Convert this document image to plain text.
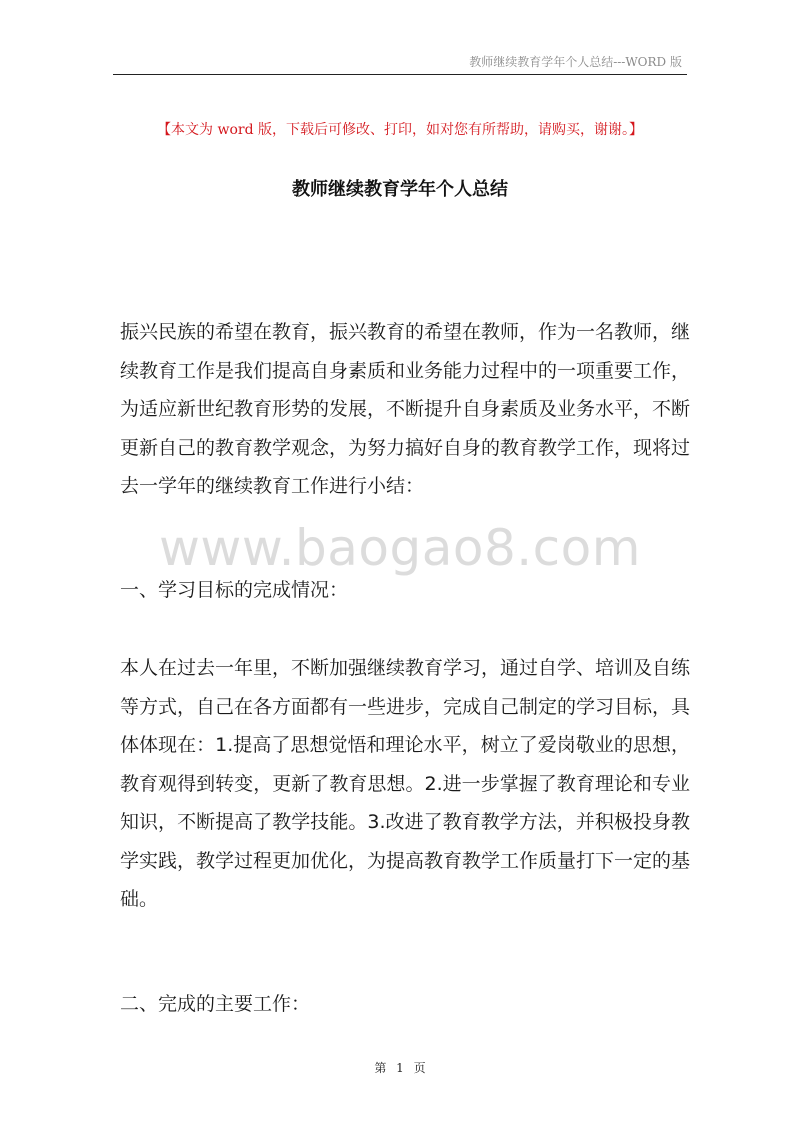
教师继续教育学年个人总结---WORD 版
【本文为 word 版，下载后可修改、打印，如对您有所帮助，请购买，谢谢。】
教师继续教育学年个人总结

振兴民族的希望在教育，振兴教育的希望在教师，作为一名教师，继续教育工作是我们提高自身素质和业务能力过程中的一项重要工作，为适应新世纪教育形势的发展，不断提升自身素质及业务水平，不断更新自己的教育教学观念，为努力搞好自身的教育教学工作，现将过去一学年的继续教育工作进行小结：

www.baogao8.com

一、学习目标的完成情况：

本人在过去一年里，不断加强继续教育学习，通过自学、培训及自练等方式，自己在各方面都有一些进步，完成自己制定的学习目标，具体体现在：1.提高了思想觉悟和理论水平，树立了爱岗敬业的思想，教育观得到转变，更新了教育思想。2.进一步掌握了教育理论和专业知识，不断提高了教学技能。3.改进了教育教学方法，并积极投身教学实践，教学过程更加优化，为提高教育教学工作质量打下一定的基础。

二、完成的主要工作：

第 1 页
